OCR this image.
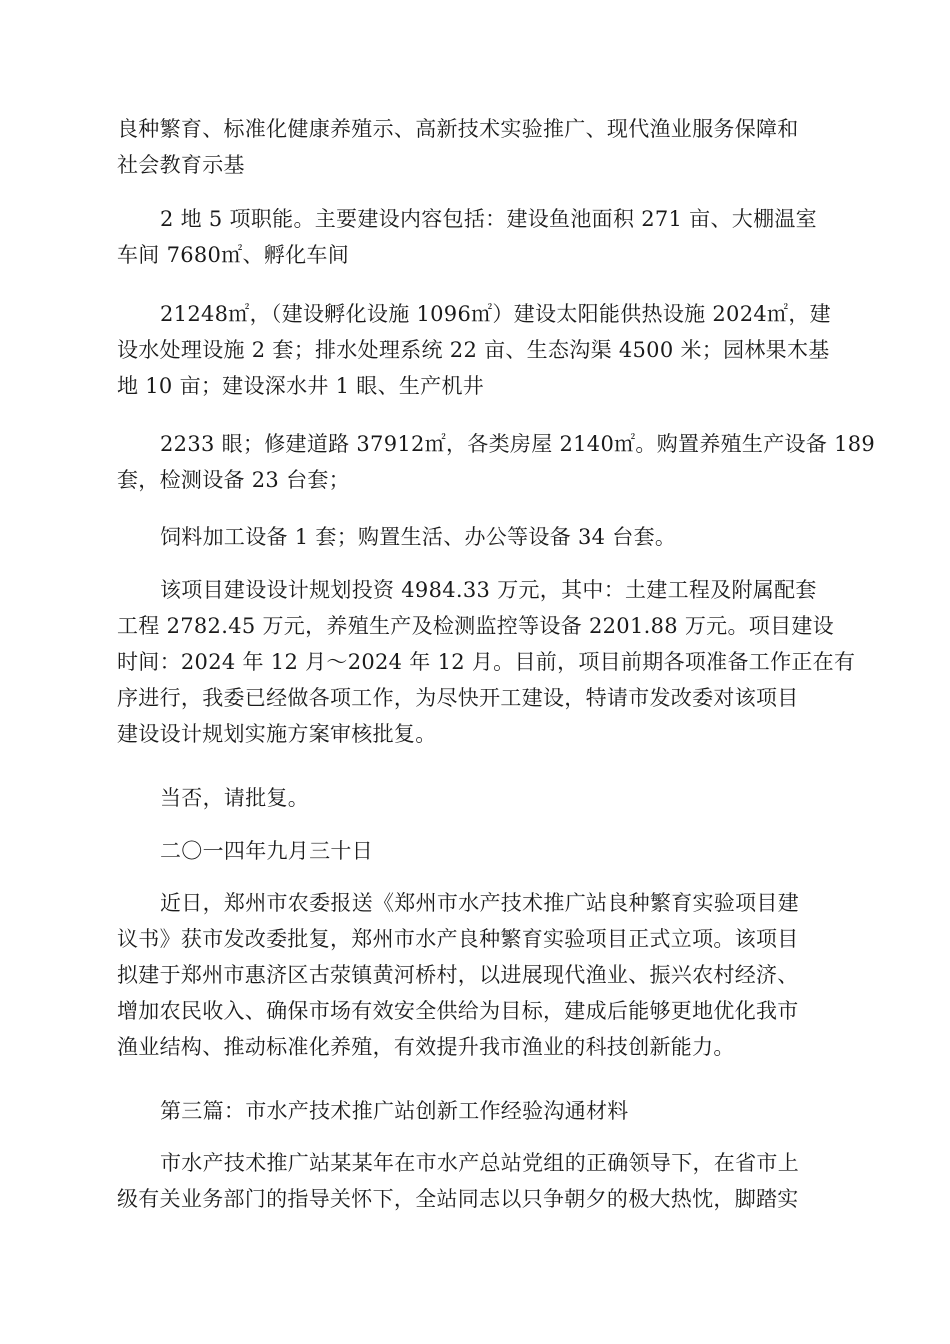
良种繁育、标准化健康养殖示、高新技术实验推广、现代渔业服务保障和
社会教育示基

2 地 5 项职能。主要建设内容包括：建设鱼池面积 271 亩、大棚温室
车间 7680㎡、孵化车间

21248㎡，（建设孵化设施 1096㎡）建设太阳能供热设施 2024㎡，建
设水处理设施 2 套；排水处理系统 22 亩、生态沟渠 4500 米；园林果木基
地 10 亩；建设深水井 1 眼、生产机井

2233 眼；修建道路 37912㎡，各类房屋 2140㎡。购置养殖生产设备 189
套，检测设备 23 台套；

饲料加工设备 1 套；购置生活、办公等设备 34 台套。

该项目建设设计规划投资 4984.33 万元，其中：土建工程及附属配套
工程 2782.45 万元，养殖生产及检测监控等设备 2201.88 万元。项目建设
时间：2024 年 12 月～2024 年 12 月。目前，项目前期各项准备工作正在有
序进行，我委已经做各项工作，为尽快开工建设，特请市发改委对该项目
建设设计规划实施方案审核批复。

当否，请批复。

二〇一四年九月三十日

近日，郑州市农委报送《郑州市水产技术推广站良种繁育实验项目建
议书》获市发改委批复，郑州市水产良种繁育实验项目正式立项。该项目
拟建于郑州市惠济区古荥镇黄河桥村，以进展现代渔业、振兴农村经济、
增加农民收入、确保市场有效安全供给为目标，建成后能够更地优化我市
渔业结构、推动标准化养殖，有效提升我市渔业的科技创新能力。

第三篇：市水产技术推广站创新工作经验沟通材料

市水产技术推广站某某年在市水产总站党组的正确领导下，在省市上
级有关业务部门的指导关怀下，全站同志以只争朝夕的极大热忱，脚踏实
